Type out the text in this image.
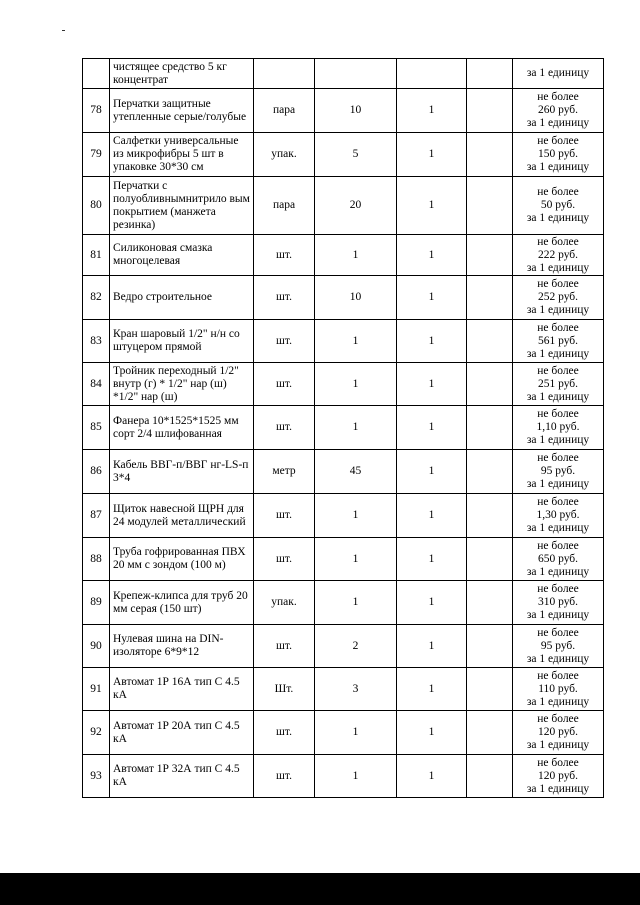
	чистящее средство 5 кг концентрат					за 1 единицу

78	Перчатки защитные утепленные серые/голубые	пара	10	1		не более
260 руб.
за 1 единицу

79	Салфетки универсальные из микрофибры 5 шт в упаковке 30*30 см	упак.	5	1		не более
150 руб.
за 1 единицу

80	Перчатки с полуобливнымнитрило вым покрытием (манжета резинка)	пара	20	1		не более
50 руб.
за 1 единицу

81	Силиконовая смазка многоцелевая	шт.	1	1		не более
222 руб.
за 1 единицу

82	Ведро строительное	шт.	10	1		не более
252 руб.
за 1 единицу

83	Кран шаровый 1/2" н/н со штуцером прямой	шт.	1	1		не более
561 руб.
за 1 единицу

84	Тройник переходный 1/2" внутр (г) * 1/2" нар (ш) *1/2" нар (ш)	шт.	1	1		не более
251 руб.
за 1 единицу

85	Фанера 10*1525*1525 мм сорт 2/4 шлифованная	шт.	1	1		не более
1,10 руб.
за 1 единицу

86	Кабель ВВГ-п/ВВГ нг-LS-п 3*4	метр	45	1		не более
95 руб.
за 1 единицу

87	Щиток навесной ЩРН для 24 модулей металлический	шт.	1	1		не более
1,30 руб.
за 1 единицу

88	Труба гофрированная ПВХ 20 мм с зондом (100 м)	шт.	1	1		не более
650 руб.
за 1 единицу

89	Крепеж-клипса для труб 20 мм серая (150 шт)	упак.	1	1		не более
310 руб.
за 1 единицу

90	Нулевая шина на DIN-изоляторе 6*9*12	шт.	2	1		не более
95 руб.
за 1 единицу

91	Автомат 1Р 16А тип С 4.5 кА	Шт.	3	1		не более
110 руб.
за 1 единицу

92	Автомат 1Р 20А тип С 4.5 кА	шт.	1	1		не более
120 руб.
за 1 единицу

93	Автомат 1Р 32А тип С 4.5 кА	шт.	1	1		не более
120 руб.
за 1 единицу
